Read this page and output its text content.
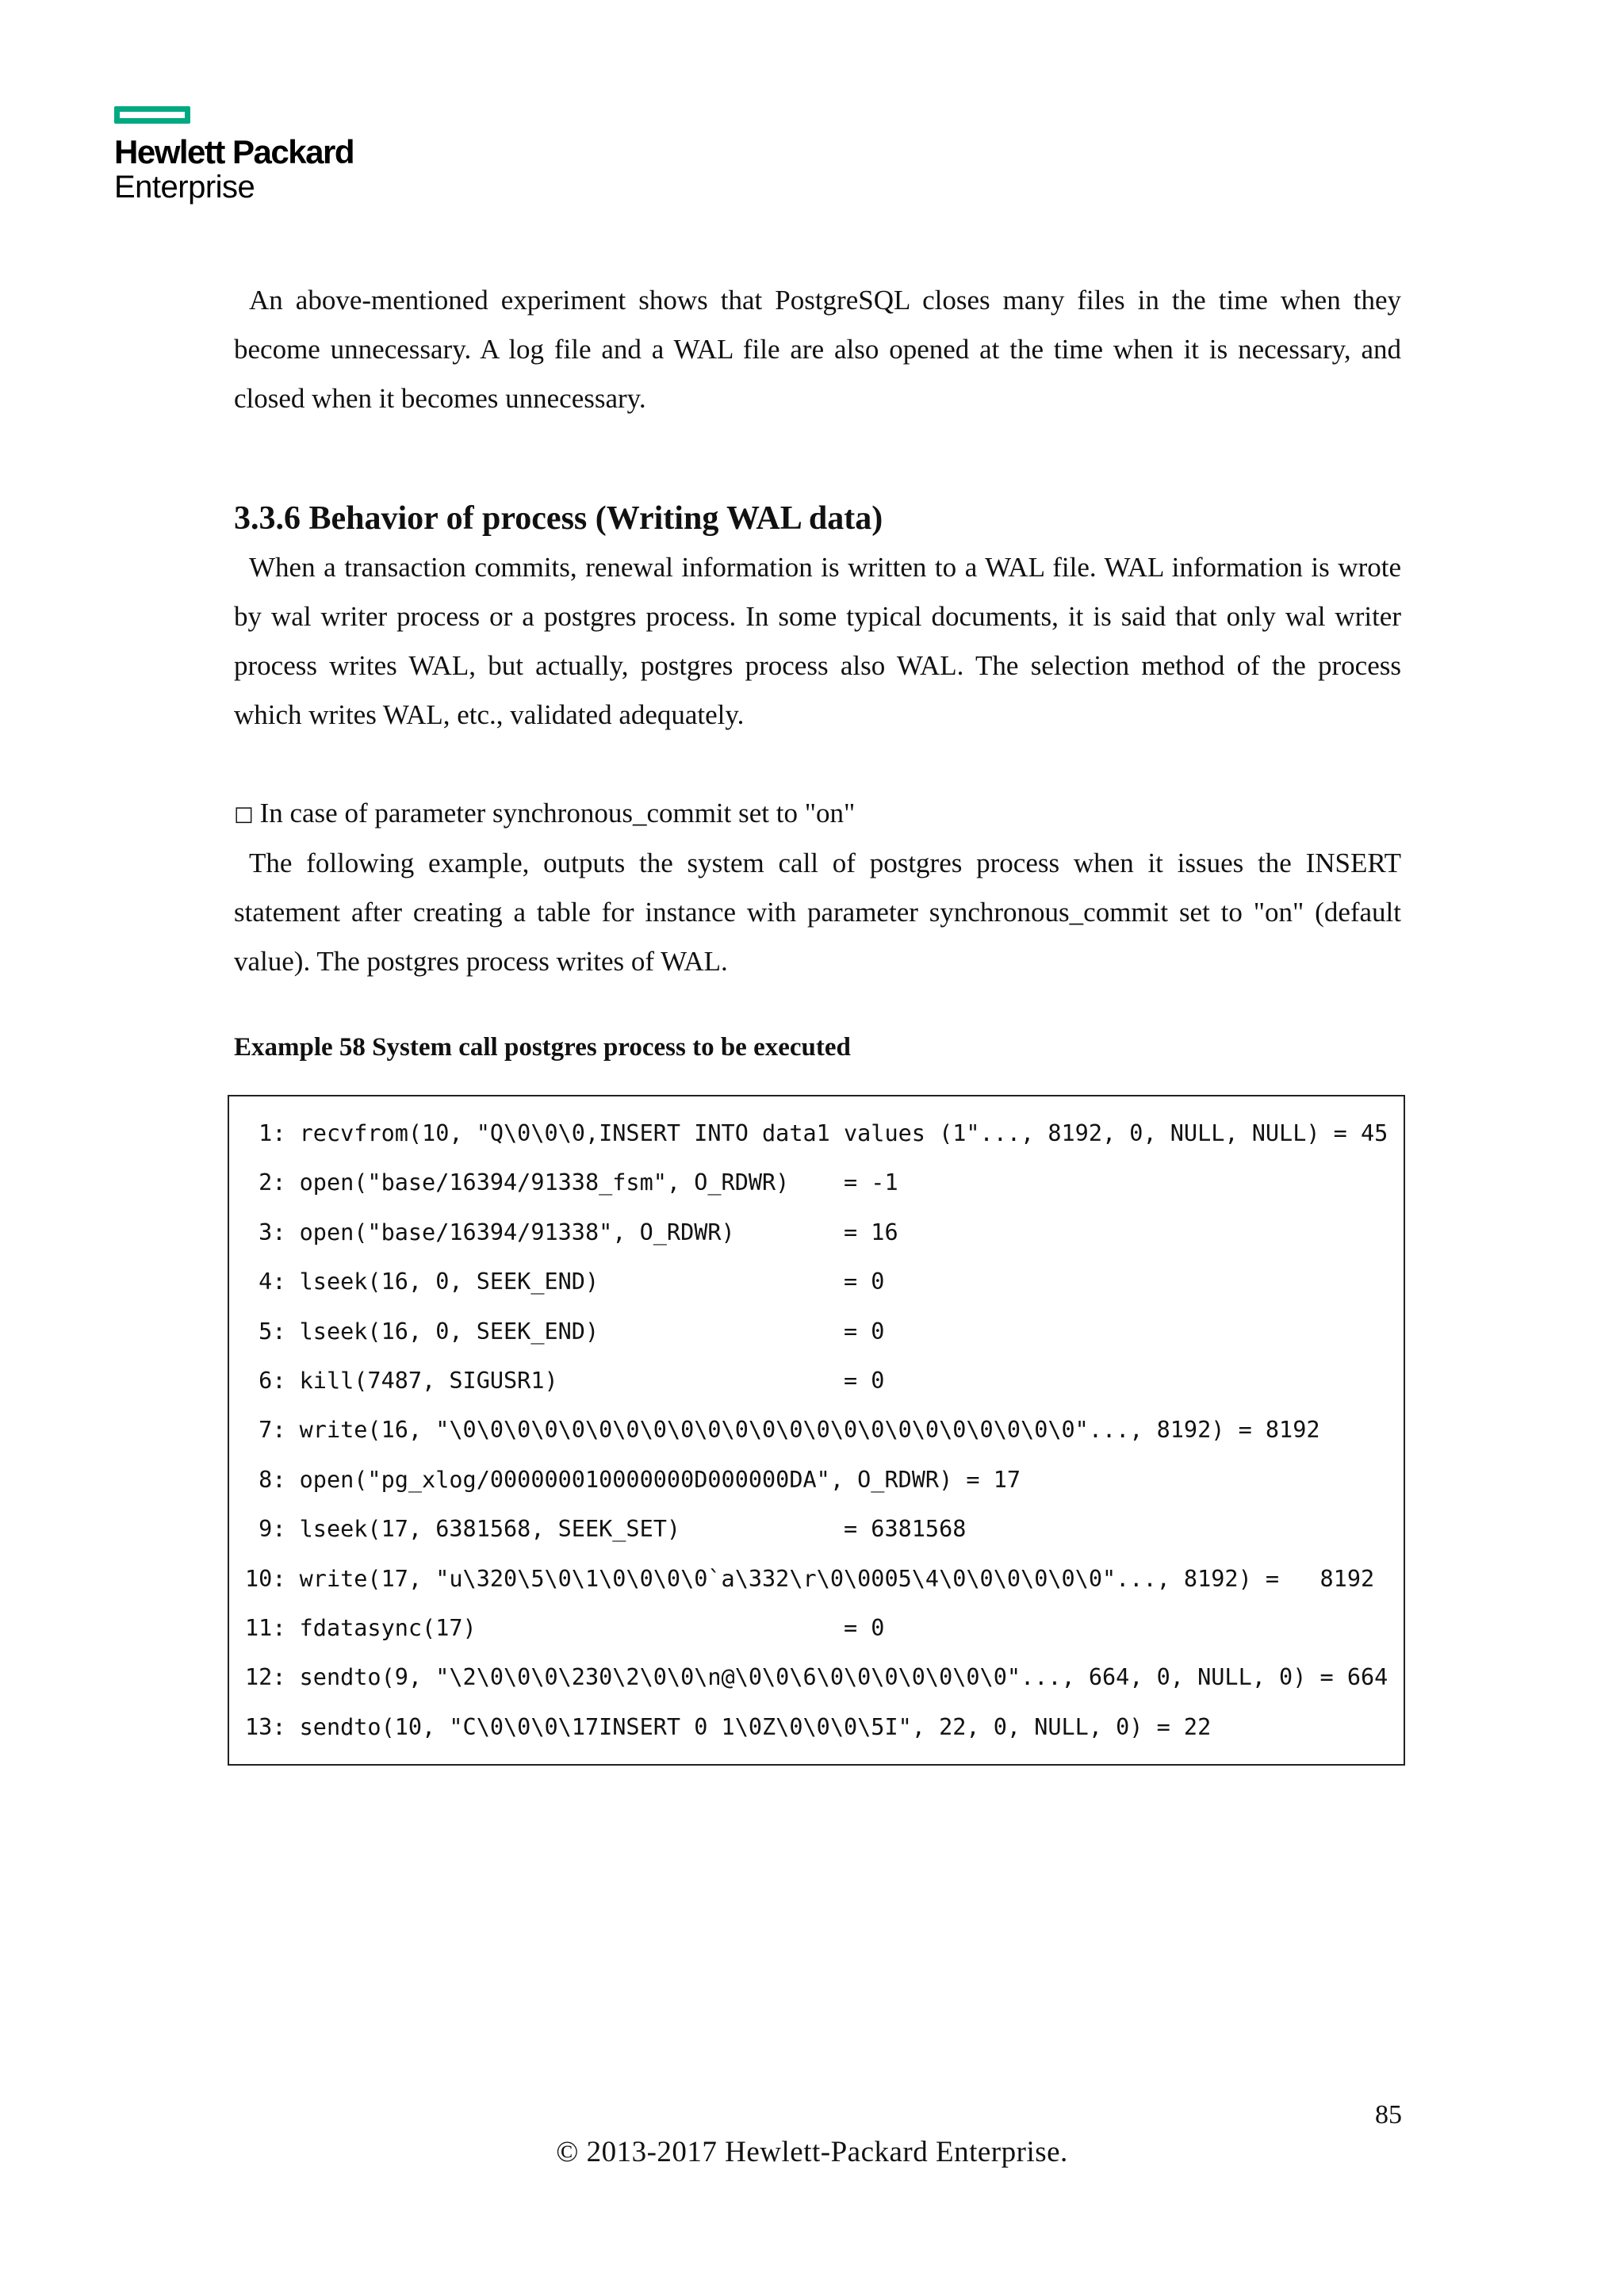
Hewlett Packard
Enterprise

An above-mentioned experiment shows that PostgreSQL closes many files in the time when they become unnecessary. A log file and a WAL file are also opened at the time when it is necessary, and closed when it becomes unnecessary.

3.3.6 Behavior of process (Writing WAL data)

When a transaction commits, renewal information is written to a WAL file. WAL information is wrote by wal writer process or a postgres process. In some typical documents, it is said that only wal writer process writes WAL, but actually, postgres process also WAL. The selection method of the process which writes WAL, etc., validated adequately.

□ In case of parameter synchronous_commit set to "on"

The following example, outputs the system call of postgres process when it issues the INSERT statement after creating a table for instance with parameter synchronous_commit set to "on" (default value). The postgres process writes of WAL.

Example 58 System call postgres process to be executed
1: recvfrom(10, "Q\0\0\0,INSERT INTO data1 values (1"..., 8192, 0, NULL, NULL) = 45
2: open("base/16394/91338_fsm", O_RDWR)    = -1
3: open("base/16394/91338", O_RDWR)        = 16
4: lseek(16, 0, SEEK_END)                  = 0
5: lseek(16, 0, SEEK_END)                  = 0
6: kill(7487, SIGUSR1)                     = 0
7: write(16, "\0\0\0\0\0\0\0\0\0\0\0\0\0\0\0\0\0\0\0\0\0\0\0"..., 8192) = 8192
8: open("pg_xlog/000000010000000D000000DA", O_RDWR) = 17
9: lseek(17, 6381568, SEEK_SET)            = 6381568
10: write(17, "u\320\5\0\1\0\0\0\0`a\332\r\0\0005\4\0\0\0\0\0\0"..., 8192) =   8192
11: fdatasync(17)                           = 0
12: sendto(9, "\2\0\0\0\230\2\0\0\n@\0\0\6\0\0\0\0\0\0\0"..., 664, 0, NULL, 0) = 664
13: sendto(10, "C\0\0\0\17INSERT 0 1\0Z\0\0\0\5I", 22, 0, NULL, 0) = 22
85
© 2013-2017 Hewlett-Packard Enterprise.
